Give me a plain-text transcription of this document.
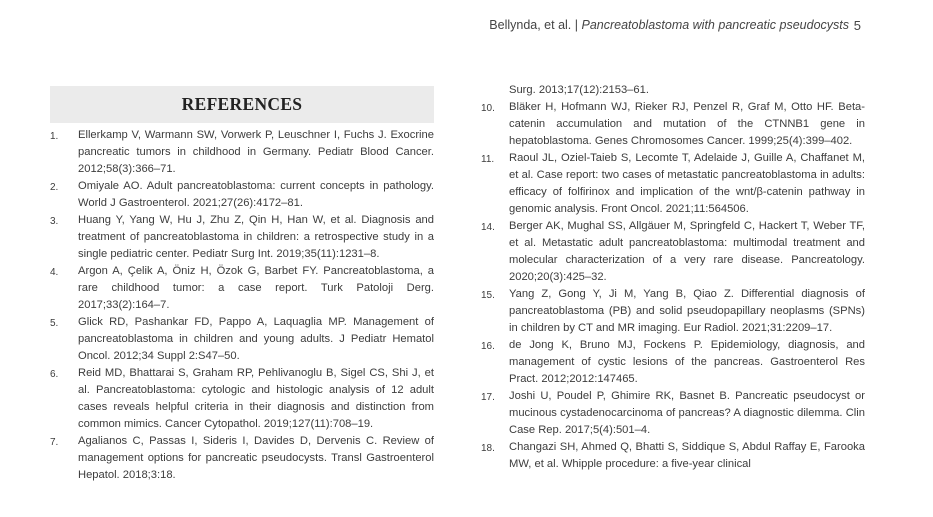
Bellynda, et al. | Pancreatoblastoma with pancreatic pseudocysts 5
REFERENCES
1. Ellerkamp V, Warmann SW, Vorwerk P, Leuschner I, Fuchs J. Exocrine pancreatic tumors in childhood in Germany. Pediatr Blood Cancer. 2012;58(3):366–71.
2. Omiyale AO. Adult pancreatoblastoma: current concepts in pathology. World J Gastroenterol. 2021;27(26):4172–81.
3. Huang Y, Yang W, Hu J, Zhu Z, Qin H, Han W, et al. Diagnosis and treatment of pancreatoblastoma in children: a retrospective study in a single pediatric center. Pediatr Surg Int. 2019;35(11):1231–8.
4. Argon A, Çelik A, Öniz H, Özok G, Barbet FY. Pancreatoblastoma, a rare childhood tumor: a case report. Turk Patoloji Derg. 2017;33(2):164–7.
5. Glick RD, Pashankar FD, Pappo A, Laquaglia MP. Management of pancreatoblastoma in children and young adults. J Pediatr Hematol Oncol. 2012;34 Suppl 2:S47–50.
6. Reid MD, Bhattarai S, Graham RP, Pehlivanoglu B, Sigel CS, Shi J, et al. Pancreatoblastoma: cytologic and histologic analysis of 12 adult cases reveals helpful criteria in their diagnosis and distinction from common mimics. Cancer Cytopathol. 2019;127(11):708–19.
7. Agalianos C, Passas I, Sideris I, Davides D, Dervenis C. Review of management options for pancreatic pseudocysts. Transl Gastroenterol Hepatol. 2018;3:18.
Surg. 2013;17(12):2153–61.
10. Bläker H, Hofmann WJ, Rieker RJ, Penzel R, Graf M, Otto HF. Beta-catenin accumulation and mutation of the CTNNB1 gene in hepatoblastoma. Genes Chromosomes Cancer. 1999;25(4):399–402.
11. Raoul JL, Oziel-Taieb S, Lecomte T, Adelaide J, Guille A, Chaffanet M, et al. Case report: two cases of metastatic pancreatoblastoma in adults: efficacy of folfirinox and implication of the wnt/β-catenin pathway in genomic analysis. Front Oncol. 2021;11:564506.
14. Berger AK, Mughal SS, Allgäuer M, Springfeld C, Hackert T, Weber TF, et al. Metastatic adult pancreatoblastoma: multimodal treatment and molecular characterization of a very rare disease. Pancreatology. 2020;20(3):425–32.
15. Yang Z, Gong Y, Ji M, Yang B, Qiao Z. Differential diagnosis of pancreatoblastoma (PB) and solid pseudopapillary neoplasms (SPNs) in children by CT and MR imaging. Eur Radiol. 2021;31:2209–17.
16. de Jong K, Bruno MJ, Fockens P. Epidemiology, diagnosis, and management of cystic lesions of the pancreas. Gastroenterol Res Pract. 2012;2012:147465.
17. Joshi U, Poudel P, Ghimire RK, Basnet B. Pancreatic pseudocyst or mucinous cystadenocarcinoma of pancreas? A diagnostic dilemma. Clin Case Rep. 2017;5(4):501–4.
18. Changazi SH, Ahmed Q, Bhatti S, Siddique S, Abdul Raffay E, Farooka MW, et al. Whipple procedure: a five-year clinical
